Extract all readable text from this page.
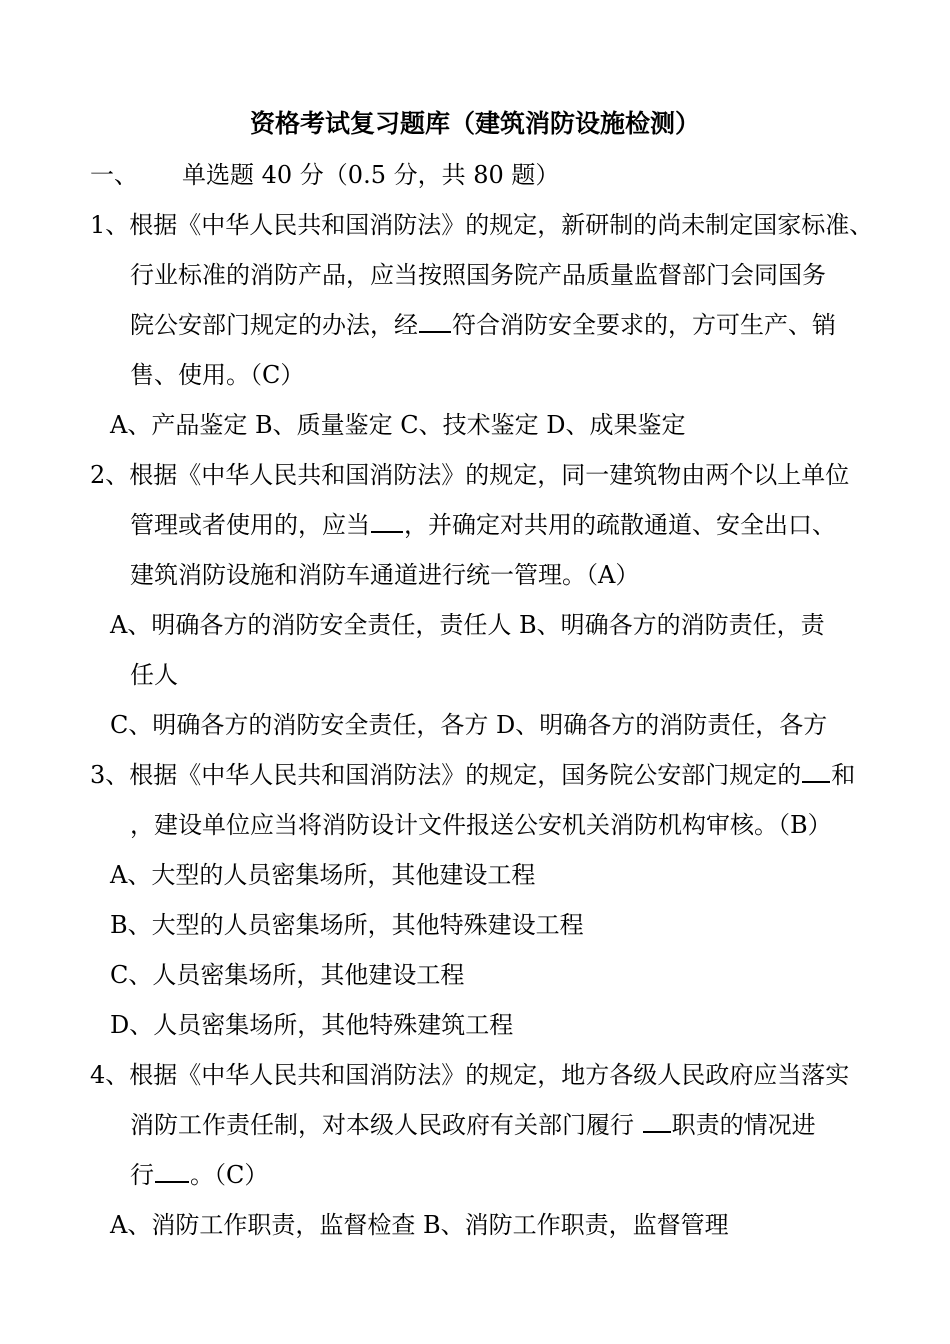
资格考试复习题库（建筑消防设施检测）
一、 单选题 40 分（0.5 分，共 80 题）
1、根据《中华人民共和国消防法》的规定，新研制的尚未制定国家标准、
行业标准的消防产品，应当按照国务院产品质量监督部门会同国务
院公安部门规定的办法，经 符合消防安全要求的，方可生产、销
售、使用。（C）
A、产品鉴定 B、质量鉴定 C、技术鉴定 D、成果鉴定
2、根据《中华人民共和国消防法》的规定，同一建筑物由两个以上单位
管理或者使用的，应当 ，并确定对共用的疏散通道、安全出口、
建筑消防设施和消防车通道进行统一管理。（A）
A、明确各方的消防安全责任，责任人 B、明确各方的消防责任，责
任人
C、明确各方的消防安全责任，各方 D、明确各方的消防责任，各方
3、根据《中华人民共和国消防法》的规定，国务院公安部门规定的 和
，建设单位应当将消防设计文件报送公安机关消防机构审核。（B）
A、大型的人员密集场所，其他建设工程
B、大型的人员密集场所，其他特殊建设工程
C、人员密集场所，其他建设工程
D、人员密集场所，其他特殊建筑工程
4、根据《中华人民共和国消防法》的规定，地方各级人民政府应当落实
消防工作责任制，对本级人民政府有关部门履行 职责的情况进
行 。（C）
A、消防工作职责，监督检查 B、消防工作职责，监督管理
